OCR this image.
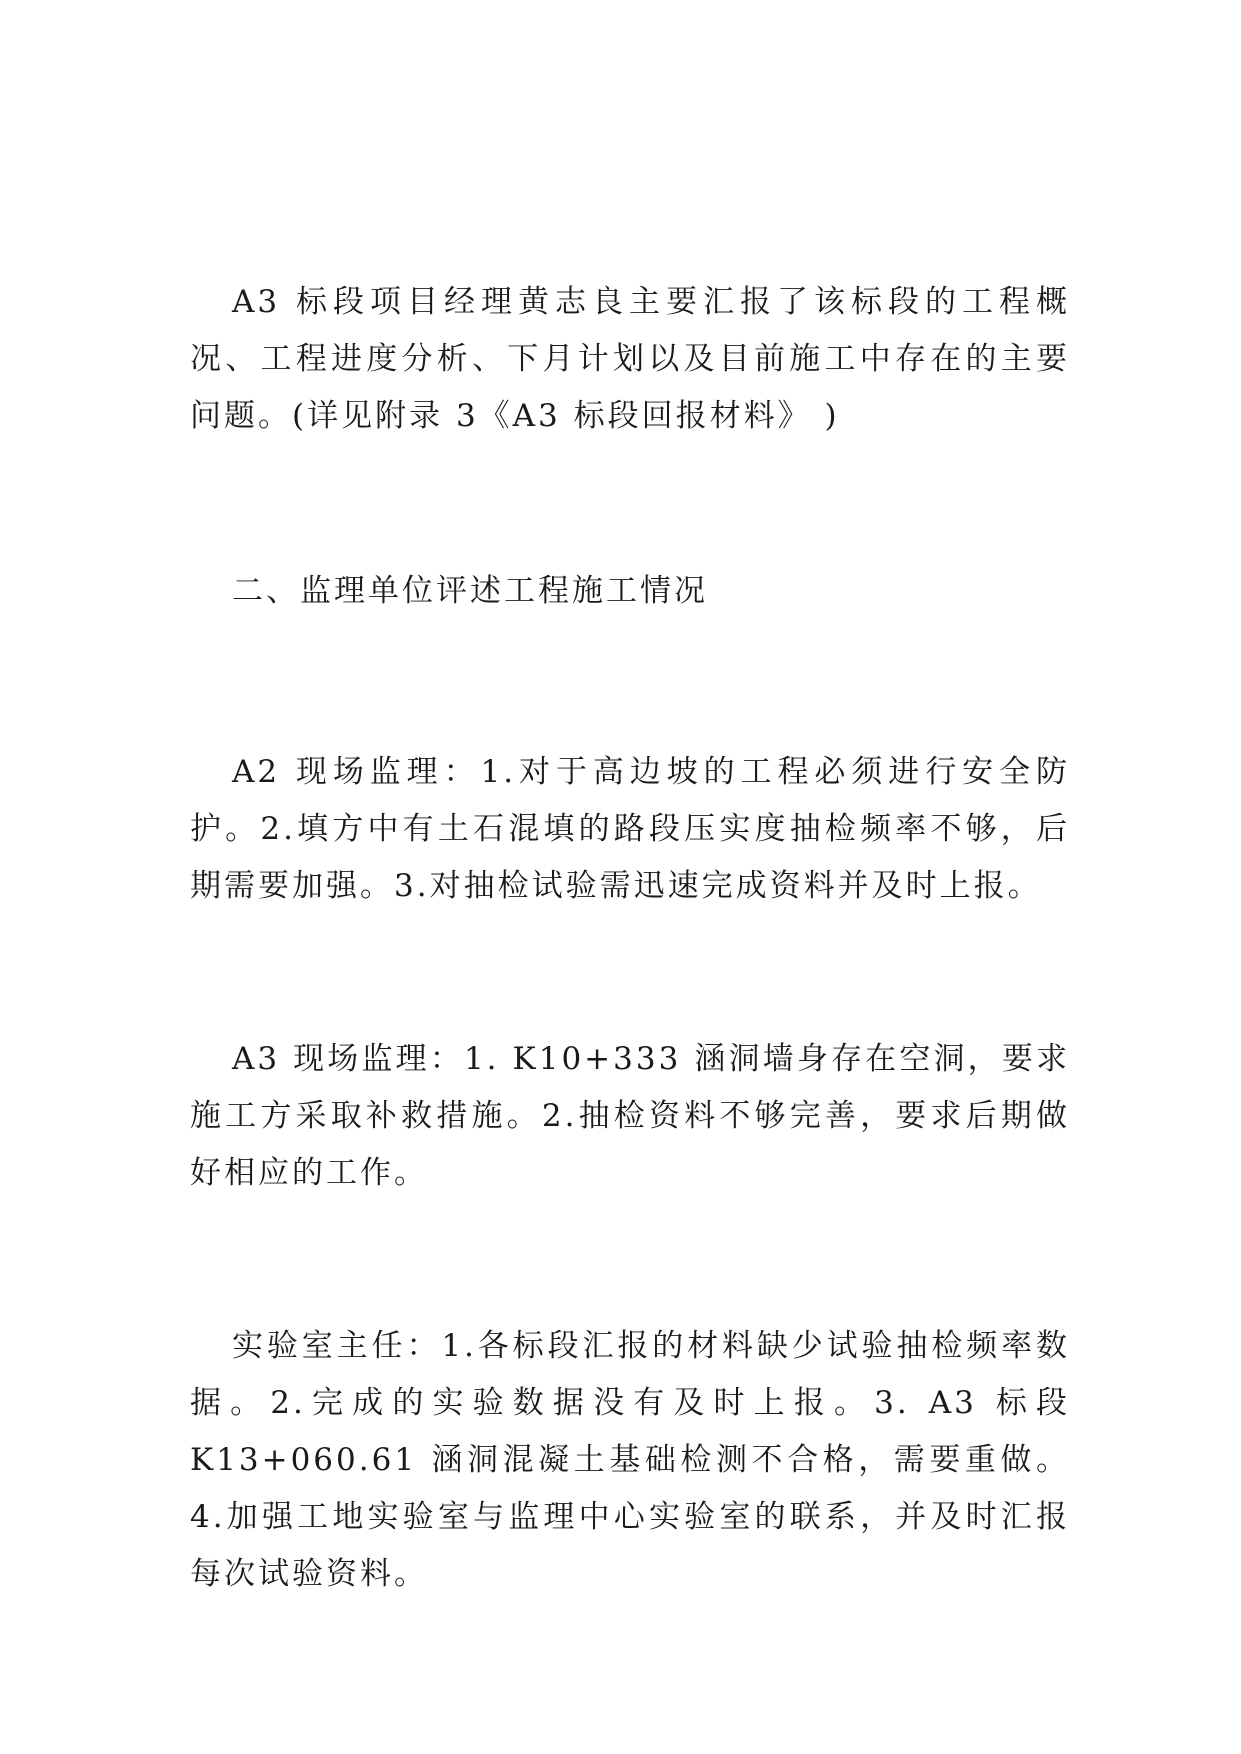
A3 标段项目经理黄志良主要汇报了该标段的工程概况、工程进度分析、下月计划以及目前施工中存在的主要问题。(详见附录 3《A3 标段回报材料》 )

二、监理单位评述工程施工情况

A2 现场监理：1.对于高边坡的工程必须进行安全防护。2.填方中有土石混填的路段压实度抽检频率不够，后期需要加强。3.对抽检试验需迅速完成资料并及时上报。

A3 现场监理：1. K10+333 涵洞墙身存在空洞，要求施工方采取补救措施。2.抽检资料不够完善，要求后期做好相应的工作。

实验室主任：1.各标段汇报的材料缺少试验抽检频率数据。2.完成的实验数据没有及时上报。3. A3 标段 K13+060.61 涵洞混凝土基础检测不合格，需要重做。4.加强工地实验室与监理中心实验室的联系，并及时汇报每次试验资料。
